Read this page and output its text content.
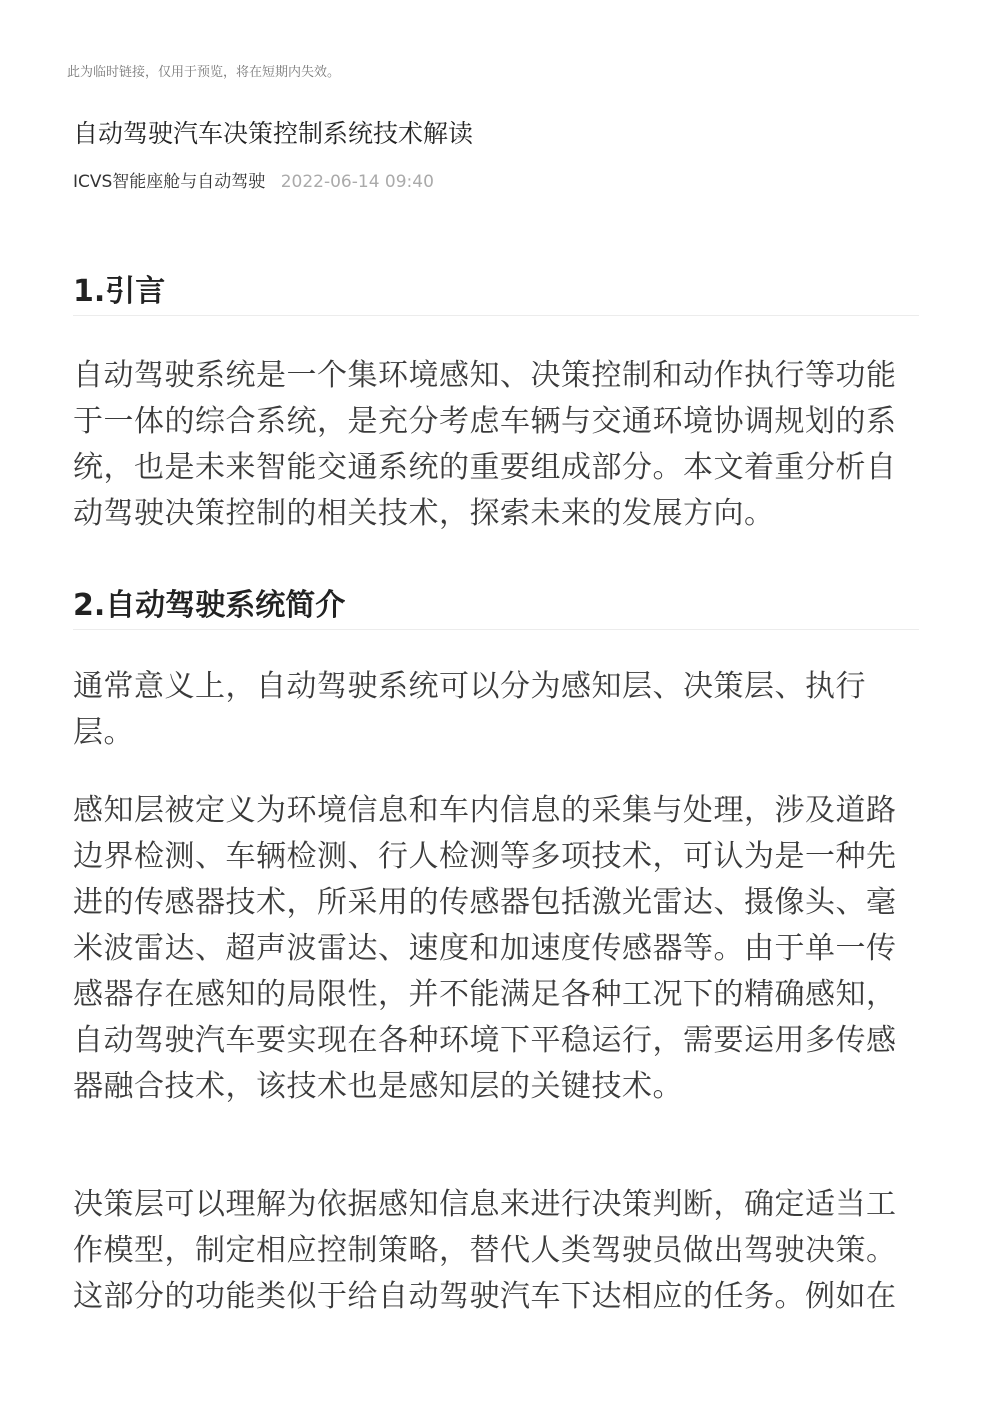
此为临时链接，仅用于预览，将在短期内失效。
自动驾驶汽车决策控制系统技术解读
ICVS智能座舱与自动驾驶 2022-06-14 09:40
1.引言

自动驾驶系统是一个集环境感知、决策控制和动作执行等功能于一体的综合系统，是充分考虑车辆与交通环境协调规划的系统，也是未来智能交通系统的重要组成部分。本文着重分析自动驾驶决策控制的相关技术，探索未来的发展方向。

2.自动驾驶系统简介

通常意义上，自动驾驶系统可以分为感知层、决策层、执行层。

感知层被定义为环境信息和车内信息的采集与处理，涉及道路边界检测、车辆检测、行人检测等多项技术，可认为是一种先进的传感器技术，所采用的传感器包括激光雷达、摄像头、毫米波雷达、超声波雷达、速度和加速度传感器等。由于单一传感器存在感知的局限性，并不能满足各种工况下的精确感知，自动驾驶汽车要实现在各种环境下平稳运行，需要运用多传感器融合技术，该技术也是感知层的关键技术。

决策层可以理解为依据感知信息来进行决策判断，确定适当工作模型，制定相应控制策略，替代人类驾驶员做出驾驶决策。这部分的功能类似于给自动驾驶汽车下达相应的任务。例如在
